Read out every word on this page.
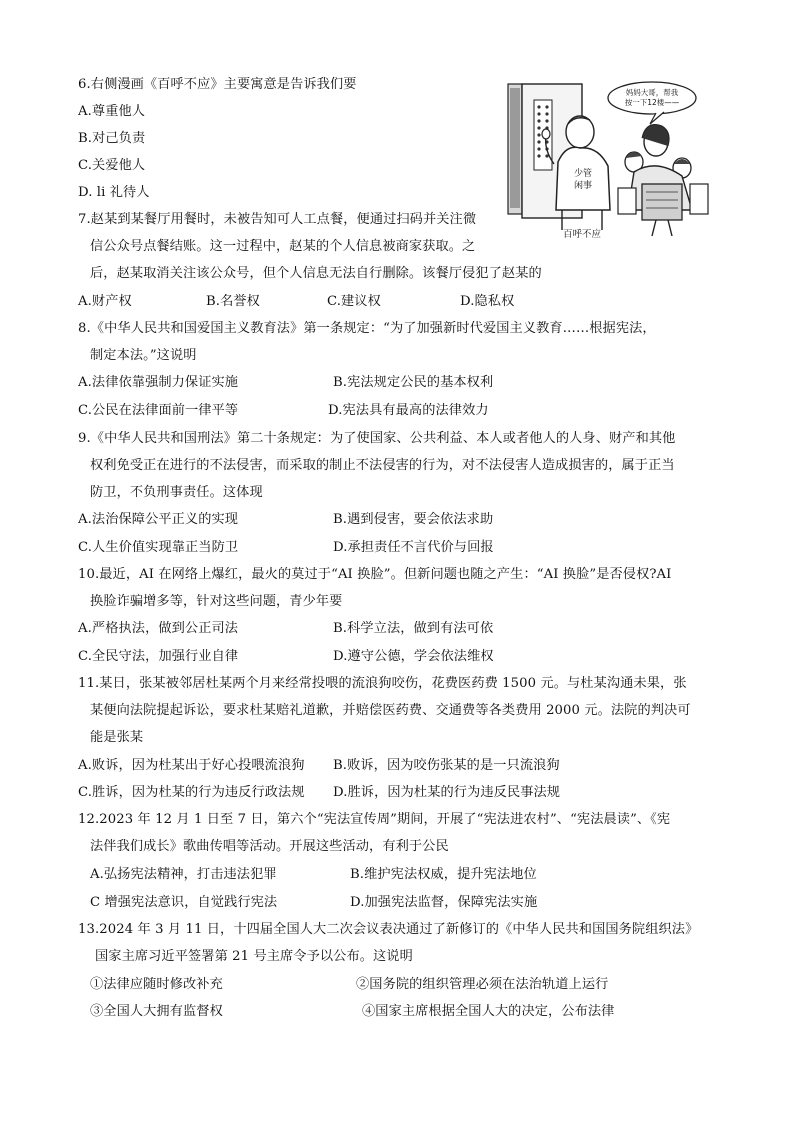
少管
闲事
妈妈大哥，帮我
按一下12楼——
百呼不应
6.右侧漫画《百呼不应》主要寓意是告诉我们要
A.尊重他人
B.对己负责
C.关爱他人
D. li 礼待人
7.赵某到某餐厅用餐时，未被告知可人工点餐，便通过扫码并关注微
信公众号点餐结账。这一过程中，赵某的个人信息被商家获取。之
后，赵某取消关注该公众号，但个人信息无法自行删除。该餐厅侵犯了赵某的
A.财产权	B.名誉权	C.建议权	D.隐私权
8.《中华人民共和国爱国主义教育法》第一条规定：“为了加强新时代爱国主义教育……根据宪法，
制定本法。”这说明
A.法律依靠强制力保证实施	B.宪法规定公民的基本权利
C.公民在法律面前一律平等	D.宪法具有最高的法律效力
9.《中华人民共和国刑法》第二十条规定：为了使国家、公共利益、本人或者他人的人身、财产和其他
权利免受正在进行的不法侵害，而采取的制止不法侵害的行为，对不法侵害人造成损害的，属于正当
防卫，不负刑事责任。这体现
A.法治保障公平正义的实现	B.遇到侵害，要会依法求助
C.人生价值实现靠正当防卫	D.承担责任不言代价与回报
10.最近，AI 在网络上爆红，最火的莫过于“AI 换脸”。但新问题也随之产生：“AI 换脸”是否侵权?AI
换脸诈骗增多等，针对这些问题，青少年要
A.严格执法，做到公正司法	B.科学立法，做到有法可依
C.全民守法，加强行业自律	D.遵守公德，学会依法维权
11.某日，张某被邻居杜某两个月来经常投喂的流浪狗咬伤，花费医药费 1500 元。与杜某沟通未果，张
某便向法院提起诉讼，要求杜某赔礼道歉，并赔偿医药费、交通费等各类费用 2000 元。法院的判决可
能是张某
A.败诉，因为杜某出于好心投喂流浪狗 B.败诉，因为咬伤张某的是一只流浪狗
C.胜诉，因为杜某的行为违反行政法规 D.胜诉，因为杜某的行为违反民事法规
12.2023 年 12 月 1 日至 7 日，第六个“宪法宣传周”期间，开展了“宪法进农村”、“宪法晨读”、《宪
法伴我们成长》歌曲传唱等活动。开展这些活动，有利于公民
A.弘扬宪法精神，打击违法犯罪	B.维护宪法权威，提升宪法地位
C 增强宪法意识，自觉践行宪法	D.加强宪法监督，保障宪法实施
13.2024 年 3 月 11 日，十四届全国人大二次会议表决通过了新修订的《中华人民共和国国务院组织法》
国家主席习近平签署第 21 号主席令予以公布。这说明
①法律应随时修改补充	②国务院的组织管理必须在法治轨道上运行
③全国人大拥有监督权	④国家主席根据全国人大的决定，公布法律
